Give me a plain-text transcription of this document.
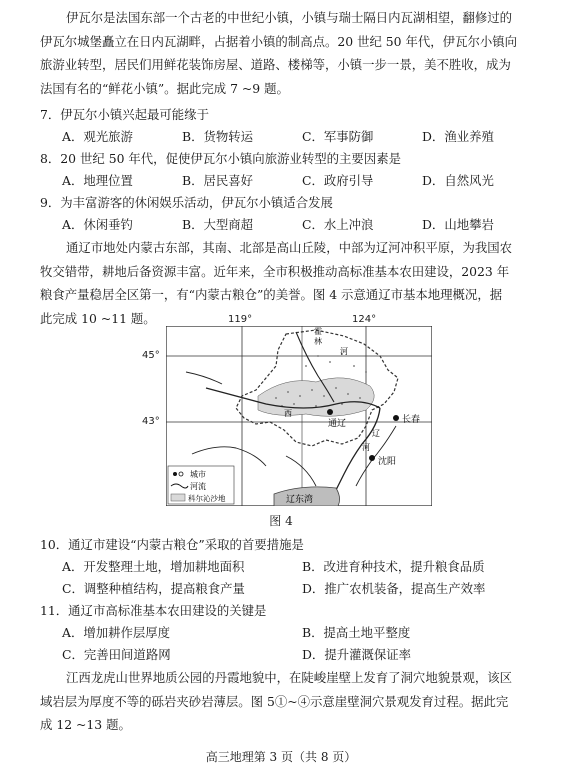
伊瓦尔是法国东部一个古老的中世纪小镇，小镇与瑞士隔日内瓦湖相望，翻修过的
伊瓦尔城堡矗立在日内瓦湖畔，占据着小镇的制高点。20 世纪 50 年代，伊瓦尔小镇向
旅游业转型，居民们用鲜花装饰房屋、道路、楼梯等，小镇一步一景，美不胜收，成为
法国有名的“鲜花小镇”。据此完成 7 ~9 题。
7．伊瓦尔小镇兴起最可能缘于
A．观光旅游	B．货物转运	C．军事防御	D．渔业养殖
8．20 世纪 50 年代，促使伊瓦尔小镇向旅游业转型的主要因素是
A．地理位置	B．居民喜好	C．政府引导	D．自然风光
9．为丰富游客的休闲娱乐活动，伊瓦尔小镇适合发展
A．休闲垂钓	B．大型商超	C．水上冲浪	D．山地攀岩
通辽市地处内蒙古东部，其南、北部是高山丘陵，中部为辽河冲积平原，为我国农
牧交错带，耕地后备资源丰富。近年来，全市积极推动高标准基本农田建设，2023 年
粮食产量稳居全区第一，有“内蒙古粮仓”的美誉。图 4 示意通辽市基本地理概况，据
此完成 10 ~11 题。
通辽	长春
沈阳
霍
林
河
西
辽
河
辽东湾
城市
河流
科尔沁沙地
119°	124°
45°
43°
图 4
10．通辽市建设“内蒙古粮仓”采取的首要措施是
A．开发整理土地，增加耕地面积	B．改进育种技术，提升粮食品质
C．调整种植结构，提高粮食产量	D．推广农机装备，提高生产效率
11．通辽市高标准基本农田建设的关键是
A．增加耕作层厚度	B．提高土地平整度
C．完善田间道路网	D．提升灌溉保证率
江西龙虎山世界地质公园的丹霞地貌中，在陡峻崖壁上发育了洞穴地貌景观，该区
域岩层为厚度不等的砾岩夹砂岩薄层。图 5①~④示意崖壁洞穴景观发育过程。据此完
成 12 ~13 题。
高三地理第 3 页（共 8 页）
